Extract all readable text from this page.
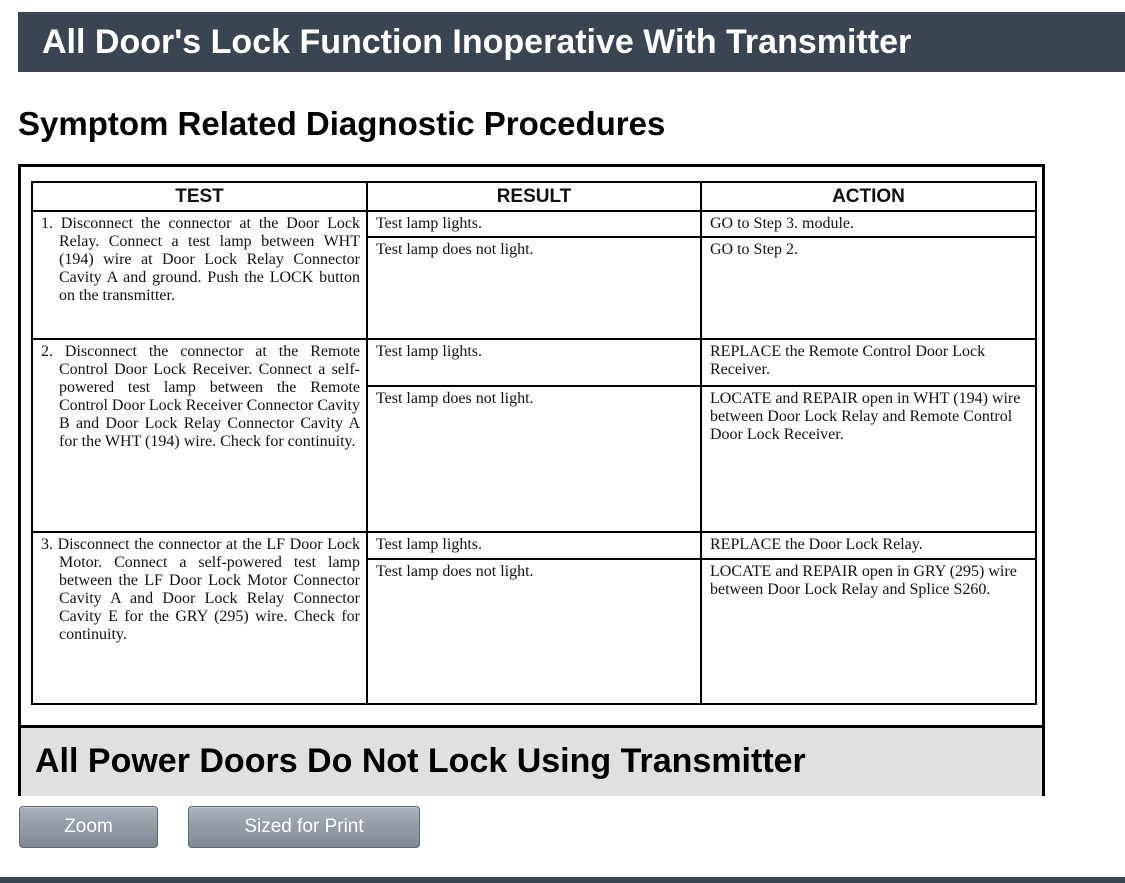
All Door's Lock Function Inoperative With Transmitter
Symptom Related Diagnostic Procedures
TEST	RESULT	ACTION
1. Disconnect the connector at the Door Lock Relay. Connect a test lamp between WHT (194) wire at Door Lock Relay Connector Cavity A and ground. Push the LOCK button on the transmitter.	Test lamp lights.	GO to Step 3. module.
	Test lamp does not light.	GO to Step 2.
2. Disconnect the connector at the Remote Control Door Lock Receiver. Connect a self-powered test lamp between the Remote Control Door Lock Receiver Connector Cavity B and Door Lock Relay Connector Cavity A for the WHT (194) wire. Check for continuity.	Test lamp lights.	REPLACE the Remote Control Door Lock Receiver.
	Test lamp does not light.	LOCATE and REPAIR open in WHT (194) wire between Door Lock Relay and Remote Control Door Lock Receiver.
3. Disconnect the connector at the LF Door Lock Motor. Connect a self-powered test lamp between the LF Door Lock Motor Connector Cavity A and Door Lock Relay Connector Cavity E for the GRY (295) wire. Check for continuity.	Test lamp lights.	REPLACE the Door Lock Relay.
	Test lamp does not light.	LOCATE and REPAIR open in GRY (295) wire between Door Lock Relay and Splice S260.
All Power Doors Do Not Lock Using Transmitter
Zoom	Sized for Print
